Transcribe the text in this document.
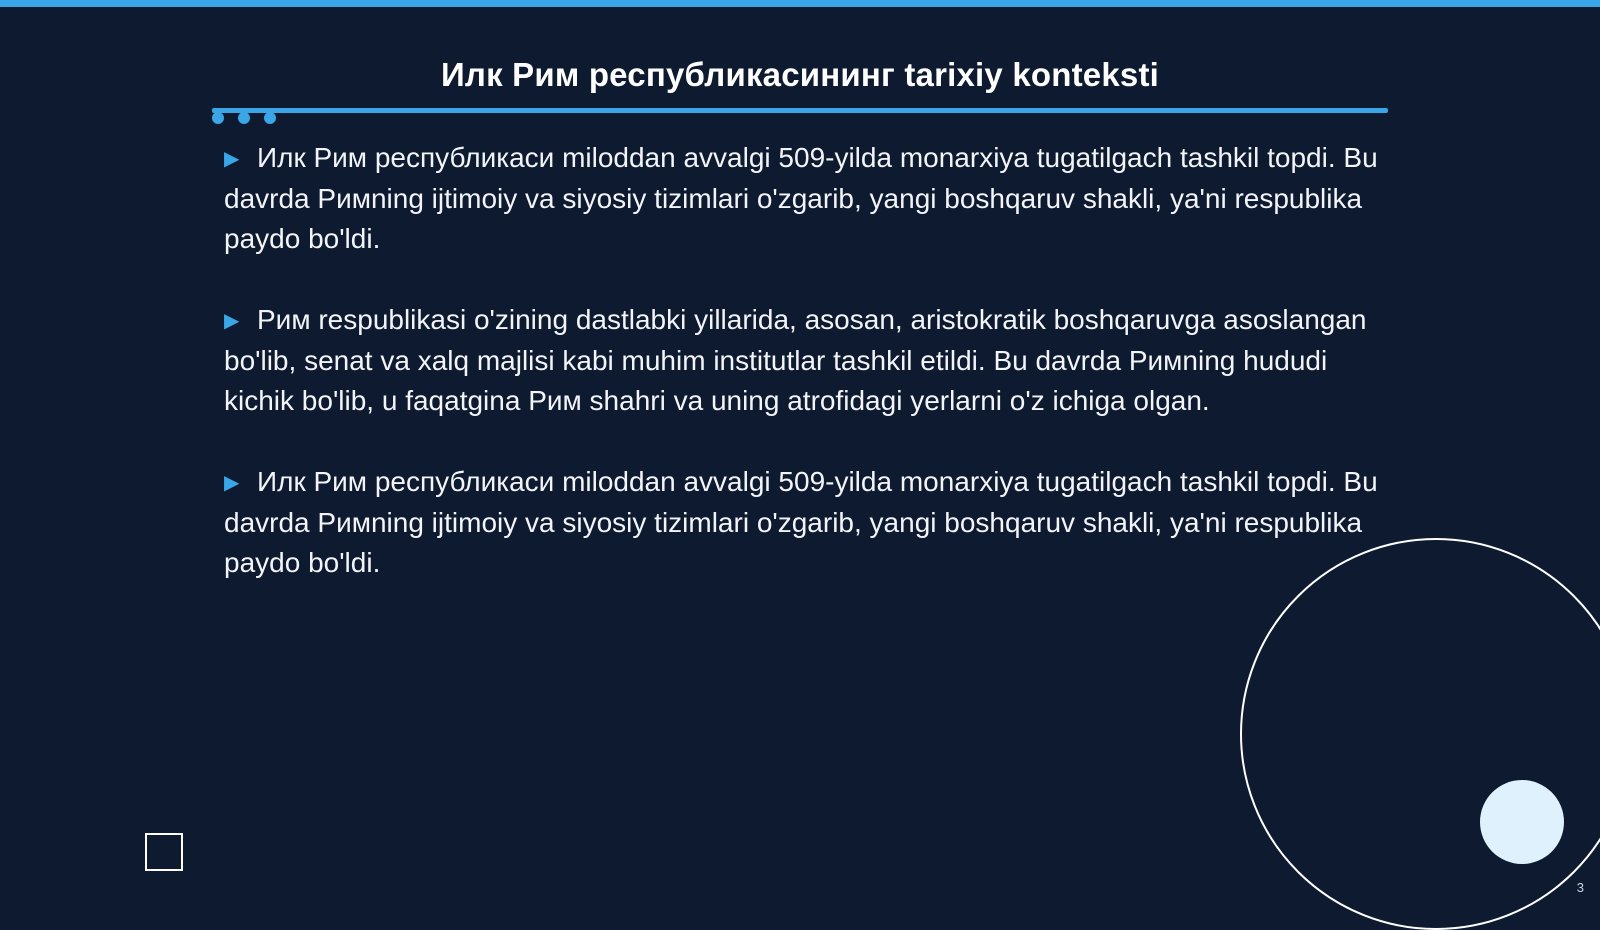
Илк Рим республикасининг tarixiy konteksti

▶ Илк Рим республикаси miloddan avvalgi 509-yilda monarxiya tugatilgach tashkil topdi. Bu davrda Римning ijtimoiy va siyosiy tizimlari o'zgarib, yangi boshqaruv shakli, ya'ni respublika paydo bo'ldi.

▶ Рим respublikasi o'zining dastlabki yillarida, asosan, aristokratik boshqaruvga asoslangan bo'lib, senat va xalq majlisi kabi muhim institutlar tashkil etildi. Bu davrda Римning hududi kichik bo'lib, u faqatgina Рим shahri va uning atrofidagi yerlarni o'z ichiga olgan.

▶ Илк Рим республикаси miloddan avvalgi 509-yilda monarxiya tugatilgach tashkil topdi. Bu davrda Римning ijtimoiy va siyosiy tizimlari o'zgarib, yangi boshqaruv shakli, ya'ni respublika paydo bo'ldi.

3
